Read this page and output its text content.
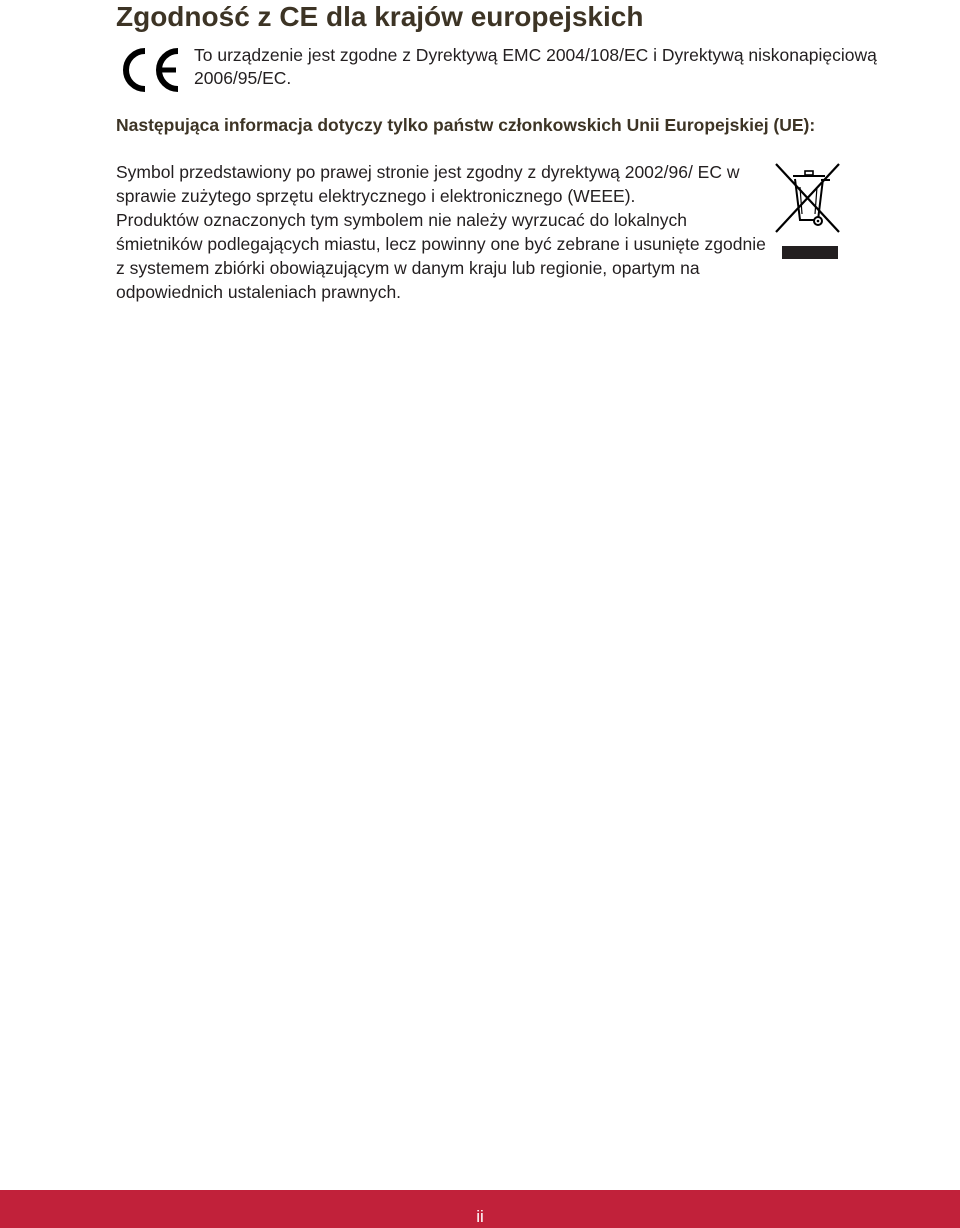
Zgodność z CE dla krajów europejskich
To urządzenie jest zgodne z Dyrektywą EMC 2004/108/EC i Dyrektywą niskonapięciową 2006/95/EC.
Następująca informacja dotyczy tylko państw członkowskich Unii Europejskiej (UE):

Symbol przedstawiony po prawej stronie jest zgodny z dyrektywą 2002/96/ EC w sprawie zużytego sprzętu elektrycznego i elektronicznego (WEEE).

Produktów oznaczonych tym symbolem nie należy wyrzucać do lokalnych śmietników podlegających miastu, lecz powinny one być zebrane i usunięte zgodnie z systemem zbiórki obowiązującym w danym kraju lub regionie, opartym na odpowiednich ustaleniach prawnych.

ii
